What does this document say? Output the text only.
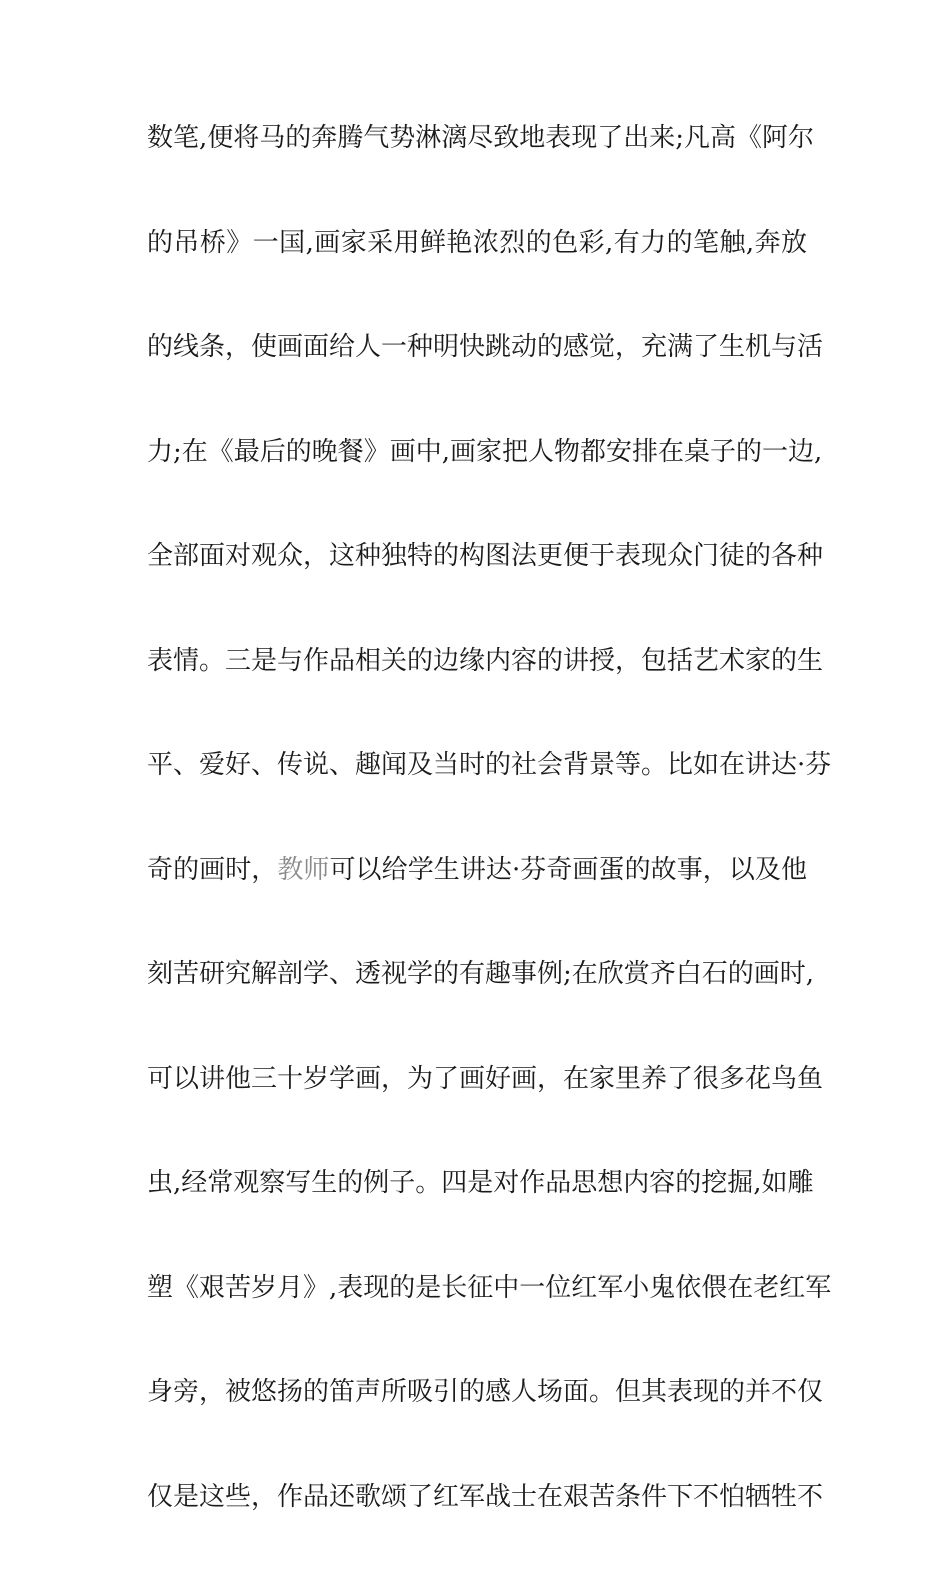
数笔,便将马的奔腾气势淋漓尽致地表现了出来;凡高《阿尔
的吊桥》一国,画家采用鲜艳浓烈的色彩,有力的笔触,奔放
的线条，使画面给人一种明快跳动的感觉，充满了生机与活
力;在《最后的晚餐》画中,画家把人物都安排在桌子的一边,
全部面对观众，这种独特的构图法更便于表现众门徒的各种
表情。三是与作品相关的边缘内容的讲授，包括艺术家的生
平、爱好、传说、趣闻及当时的社会背景等。比如在讲达·芬
奇的画时，教师可以给学生讲达·芬奇画蛋的故事，以及他
刻苦研究解剖学、透视学的有趣事例;在欣赏齐白石的画时,
可以讲他三十岁学画，为了画好画，在家里养了很多花鸟鱼
虫,经常观察写生的例子。四是对作品思想内容的挖掘,如雕
塑《艰苦岁月》,表现的是长征中一位红军小鬼依偎在老红军
身旁，被悠扬的笛声所吸引的感人场面。但其表现的并不仅
仅是这些，作品还歌颂了红军战士在艰苦条件下不怕牺牲不
